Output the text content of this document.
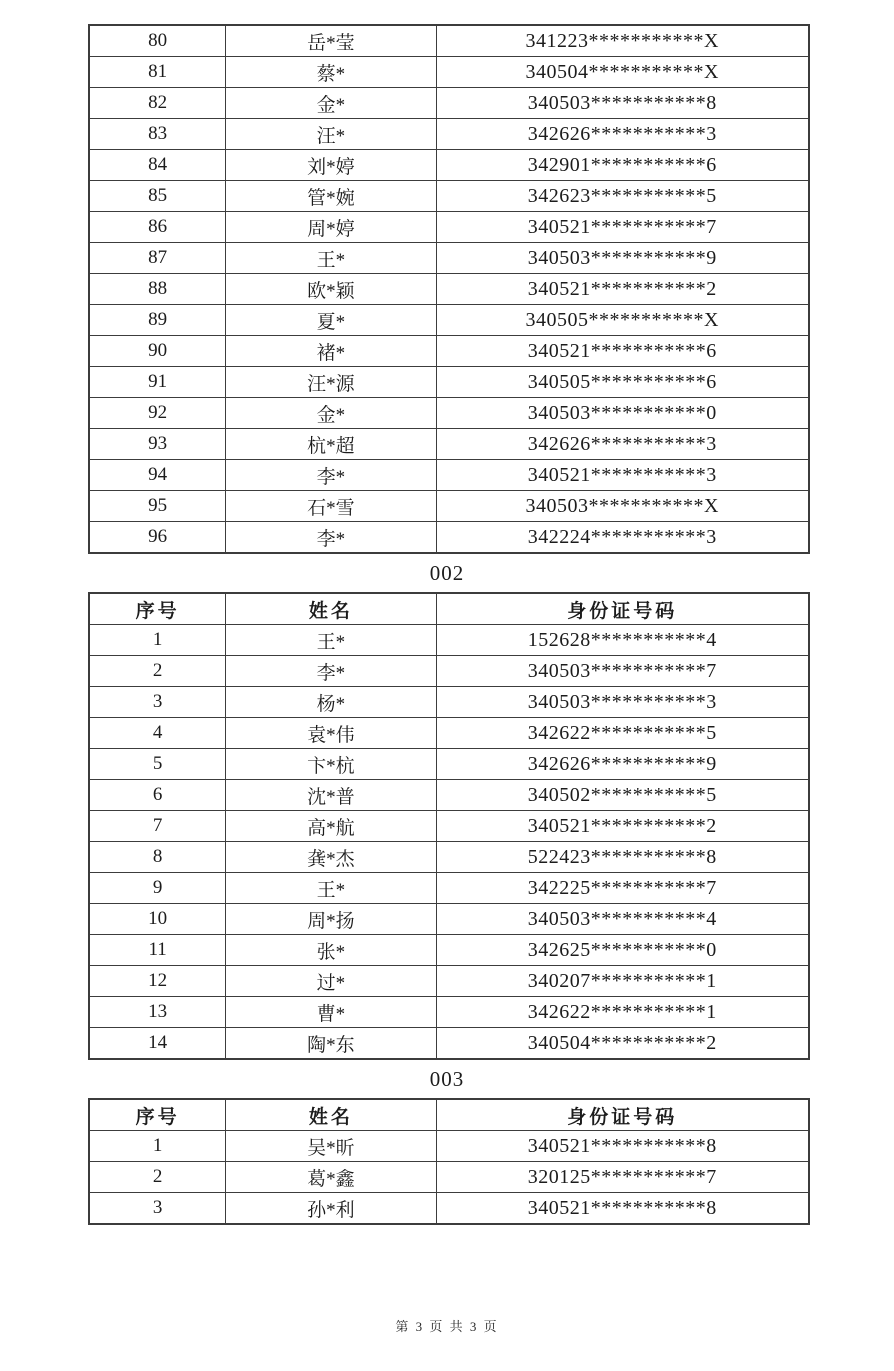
80	岳*莹	341223***********X
81	蔡*	340504***********X
82	金*	340503***********8
83	汪*	342626***********3
84	刘*婷	342901***********6
85	管*婉	342623***********5
86	周*婷	340521***********7
87	王*	340503***********9
88	欧*颖	340521***********2
89	夏*	340505***********X
90	褚*	340521***********6
91	汪*源	340505***********6
92	金*	340503***********0
93	杭*超	342626***********3
94	李*	340521***********3
95	石*雪	340503***********X
96	李*	342224***********3
002
序号	姓名	身份证号码
1	王*	152628***********4
2	李*	340503***********7
3	杨*	340503***********3
4	袁*伟	342622***********5
5	卞*杭	342626***********9
6	沈*普	340502***********5
7	高*航	340521***********2
8	龚*杰	522423***********8
9	王*	342225***********7
10	周*扬	340503***********4
11	张*	342625***********0
12	过*	340207***********1
13	曹*	342622***********1
14	陶*东	340504***********2
003
序号	姓名	身份证号码
1	吴*昕	340521***********8
2	葛*鑫	320125***********7
3	孙*利	340521***********8
第 3 页 共 3 页
